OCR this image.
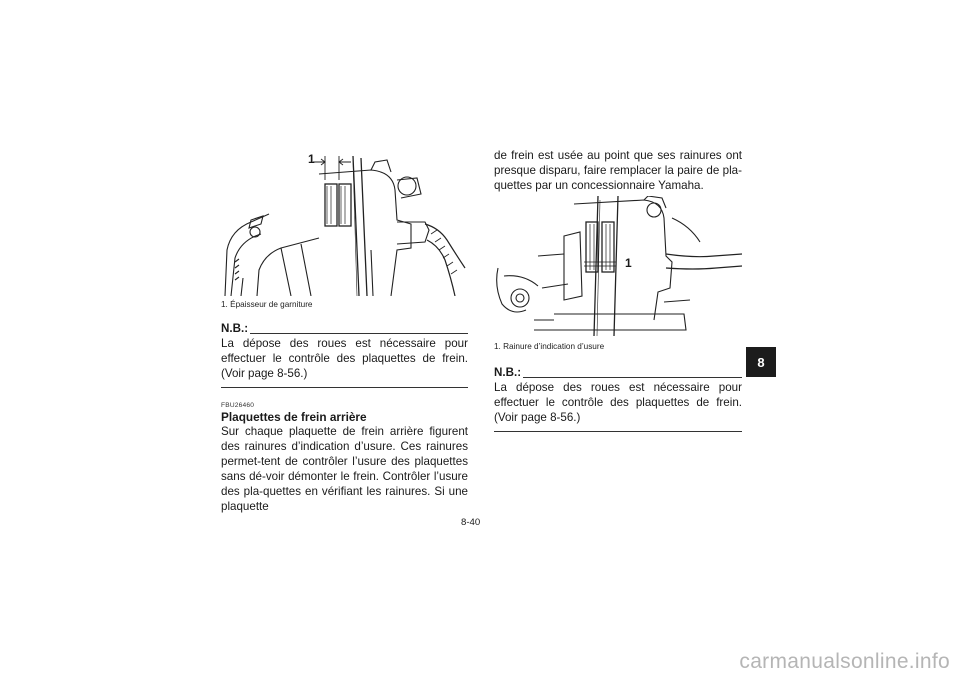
1
1. Épaisseur de garniture
N.B.:
La dépose des roues est nécessaire pour effectuer le contrôle des plaquettes de frein. (Voir page 8-56.)
FBU26460
Plaquettes de frein arrière
Sur chaque plaquette de frein arrière figurent des rainures d’indication d’usure. Ces rainures permet-tent de contrôler l’usure des plaquettes sans dé-voir démonter le frein. Contrôler l’usure des pla-quettes en vérifiant les rainures. Si une plaquette
de frein est usée au point que ses rainures ont presque disparu, faire remplacer la paire de pla-quettes par un concessionnaire Yamaha.
1
1. Rainure d’indication d’usure
N.B.:
La dépose des roues est nécessaire pour effectuer le contrôle des plaquettes de frein. (Voir page 8-56.)
8
8-40
carmanualsonline.info
